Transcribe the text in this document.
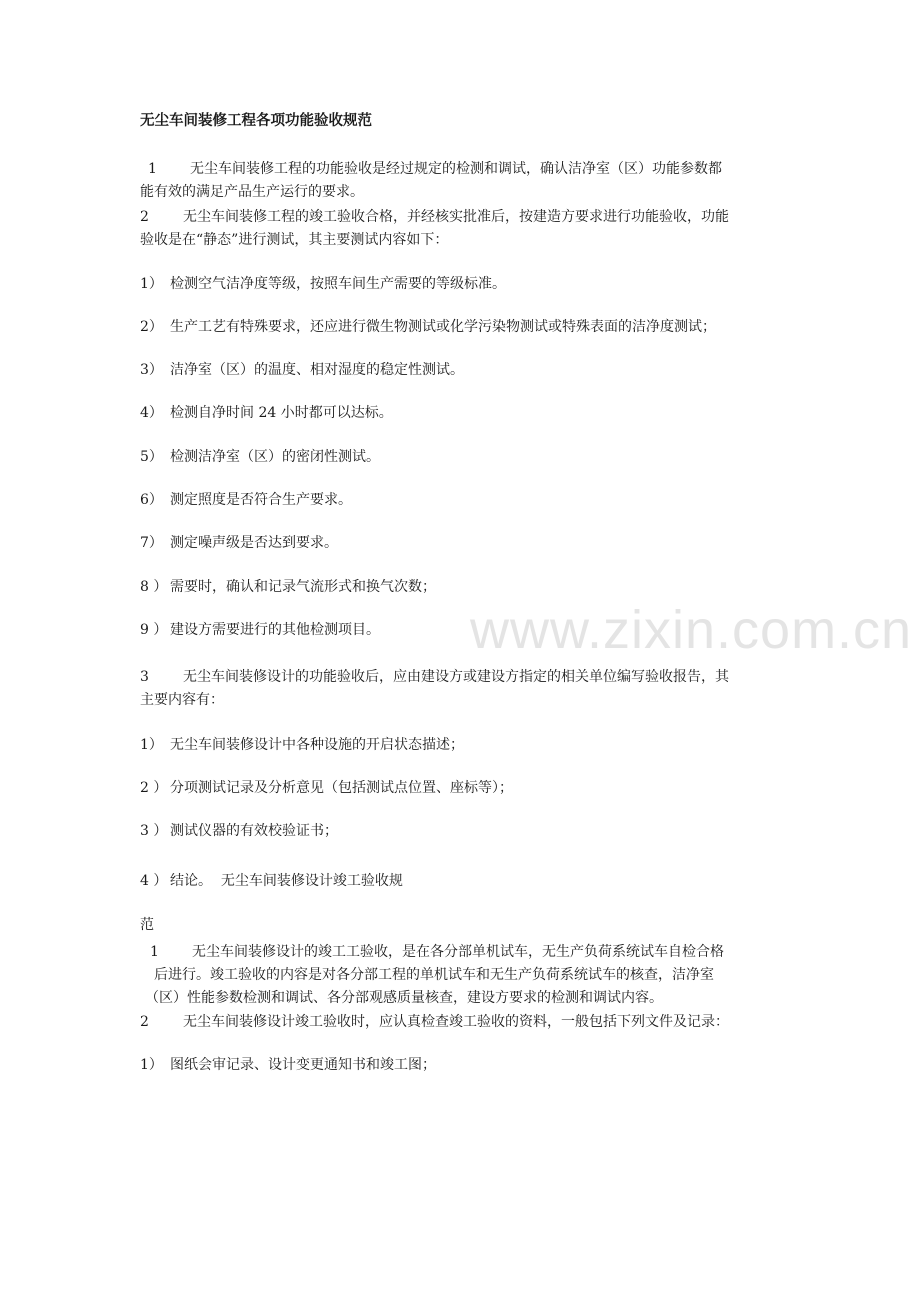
www.zixin.com.cn
无尘车间装修工程各项功能验收规范
1 无尘车间装修工程的功能验收是经过规定的检测和调试，确认洁净室（区）功能参数都
能有效的满足产品生产运行的要求。
2 无尘车间装修工程的竣工验收合格，并经核实批准后，按建造方要求进行功能验收，功能
验收是在“静态”进行测试，其主要测试内容如下：
1） 检测空气洁净度等级，按照车间生产需要的等级标准。
2） 生产工艺有特殊要求，还应进行微生物测试或化学污染物测试或特殊表面的洁净度测试；
3） 洁净室（区）的温度、相对湿度的稳定性测试。
4） 检测自净时间 24 小时都可以达标。
5） 检测洁净室（区）的密闭性测试。
6） 测定照度是否符合生产要求。
7） 测定噪声级是否达到要求。
8 ） 需要时，确认和记录气流形式和换气次数；
9 ） 建设方需要进行的其他检测项目。
3 无尘车间装修设计的功能验收后，应由建设方或建设方指定的相关单位编写验收报告，其
主要内容有：
1） 无尘车间装修设计中各种设施的开启状态描述；
2 ） 分项测试记录及分析意见（包括测试点位置、座标等）；
3 ） 测试仪器的有效校验证书；
4 ） 结论。  无尘车间装修设计竣工验收规
范
1 无尘车间装修设计的竣工工验收，是在各分部单机试车，无生产负荷系统试车自检合格
后进行。竣工验收的内容是对各分部工程的单机试车和无生产负荷系统试车的核查，洁净室
（区）性能参数检测和调试、各分部观感质量核查，建设方要求的检测和调试内容。
2 无尘车间装修设计竣工验收时，应认真检查竣工验收的资料，一般包括下列文件及记录：
1） 图纸会审记录、设计变更通知书和竣工图；
